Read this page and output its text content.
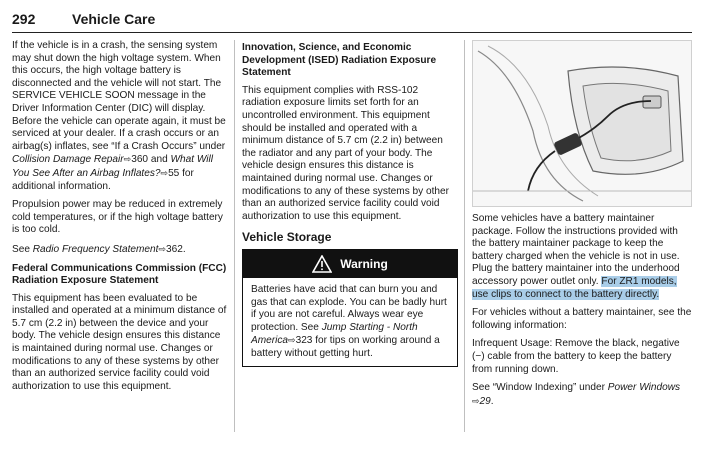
292	Vehicle Care

If the vehicle is in a crash, the sensing system may shut down the high voltage system. When this occurs, the high voltage battery is disconnected and the vehicle will not start. The SERVICE VEHICLE SOON message in the Driver Information Center (DIC) will display. Before the vehicle can operate again, it must be serviced at your dealer. If a crash occurs or an airbag(s) inflates, see “If a Crash Occurs” under Collision Damage Repair⇨360 and What Will You See After an Airbag Inflates?⇨55 for additional information.

Propulsion power may be reduced in extremely cold temperatures, or if the high voltage battery is too cold.

See Radio Frequency Statement⇨362.

Federal Communications Commission (FCC) Radiation Exposure Statement

This equipment has been evaluated to be installed and operated at a minimum distance of 5.7 cm (2.2 in) between the device and your body. The vehicle design ensures this distance is maintained during normal use. Changes or modifications to any of these systems by other than an authorized service facility could void authorization to use this equipment.

Innovation, Science, and Economic Development (ISED) Radiation Exposure Statement

This equipment complies with RSS-102 radiation exposure limits set forth for an uncontrolled environment. This equipment should be installed and operated with a minimum distance of 5.7 cm (2.2 in) between the radiator and any part of your body. The vehicle design ensures this distance is maintained during normal use. Changes or modifications to any of these systems by other than an authorized service facility could void authorization to use this equipment.

Vehicle Storage
Warning

Batteries have acid that can burn you and gas that can explode. You can be badly hurt if you are not careful. Always wear eye protection. See Jump Starting - North America⇨323 for tips on working around a battery without getting hurt.

Some vehicles have a battery maintainer package. Follow the instructions provided with the battery maintainer package to keep the battery charged when the vehicle is not in use. Plug the battery maintainer into the underhood accessory power outlet only. For ZR1 models, use clips to connect to the battery directly.

For vehicles without a battery maintainer, see the following information:

Infrequent Usage: Remove the black, negative (−) cable from the battery to keep the battery from running down.

See “Window Indexing” under Power Windows ⇨29.
